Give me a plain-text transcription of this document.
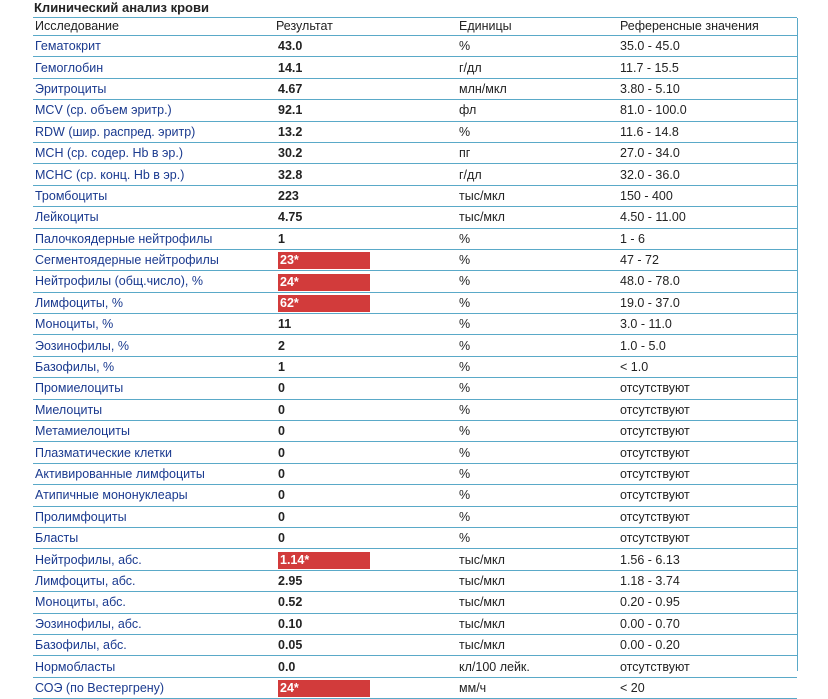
Клинический анализ крови
Исследование	Результат	Единицы	Референсные значения
Гематокрит	43.0	%	35.0 - 45.0
Гемоглобин	14.1	г/дл	11.7 - 15.5
Эритроциты	4.67	млн/мкл	3.80 - 5.10
MCV (ср. объем эритр.)	92.1	фл	81.0 - 100.0
RDW (шир. распред. эритр)	13.2	%	11.6 - 14.8
MCH (ср. содер. Hb в эр.)	30.2	пг	27.0 - 34.0
MCHC (ср. конц. Hb в эр.)	32.8	г/дл	32.0 - 36.0
Тромбоциты	223	тыс/мкл	150 - 400
Лейкоциты	4.75	тыс/мкл	4.50 - 11.00
Палочкоядерные нейтрофилы	1	%	1 - 6
Сегментоядерные нейтрофилы	23*	%	47 - 72
Нейтрофилы (общ.число), %	24*	%	48.0 - 78.0
Лимфоциты, %	62*	%	19.0 - 37.0
Моноциты, %	11	%	3.0 - 11.0
Эозинофилы, %	2	%	1.0 - 5.0
Базофилы, %	1	%	< 1.0
Промиелоциты	0	%	отсутствуют
Миелоциты	0	%	отсутствуют
Метамиелоциты	0	%	отсутствуют
Плазматические клетки	0	%	отсутствуют
Активированные лимфоциты	0	%	отсутствуют
Атипичные мононуклеары	0	%	отсутствуют
Пролимфоциты	0	%	отсутствуют
Бласты	0	%	отсутствуют
Нейтрофилы, абс.	1.14*	тыс/мкл	1.56 - 6.13
Лимфоциты, абс.	2.95	тыс/мкл	1.18 - 3.74
Моноциты, абс.	0.52	тыс/мкл	0.20 - 0.95
Эозинофилы, абс.	0.10	тыс/мкл	0.00 - 0.70
Базофилы, абс.	0.05	тыс/мкл	0.00 - 0.20
Нормобласты	0.0	кл/100 лейк.	отсутствуют
СОЭ (по Вестергрену)	24*	мм/ч	< 20
